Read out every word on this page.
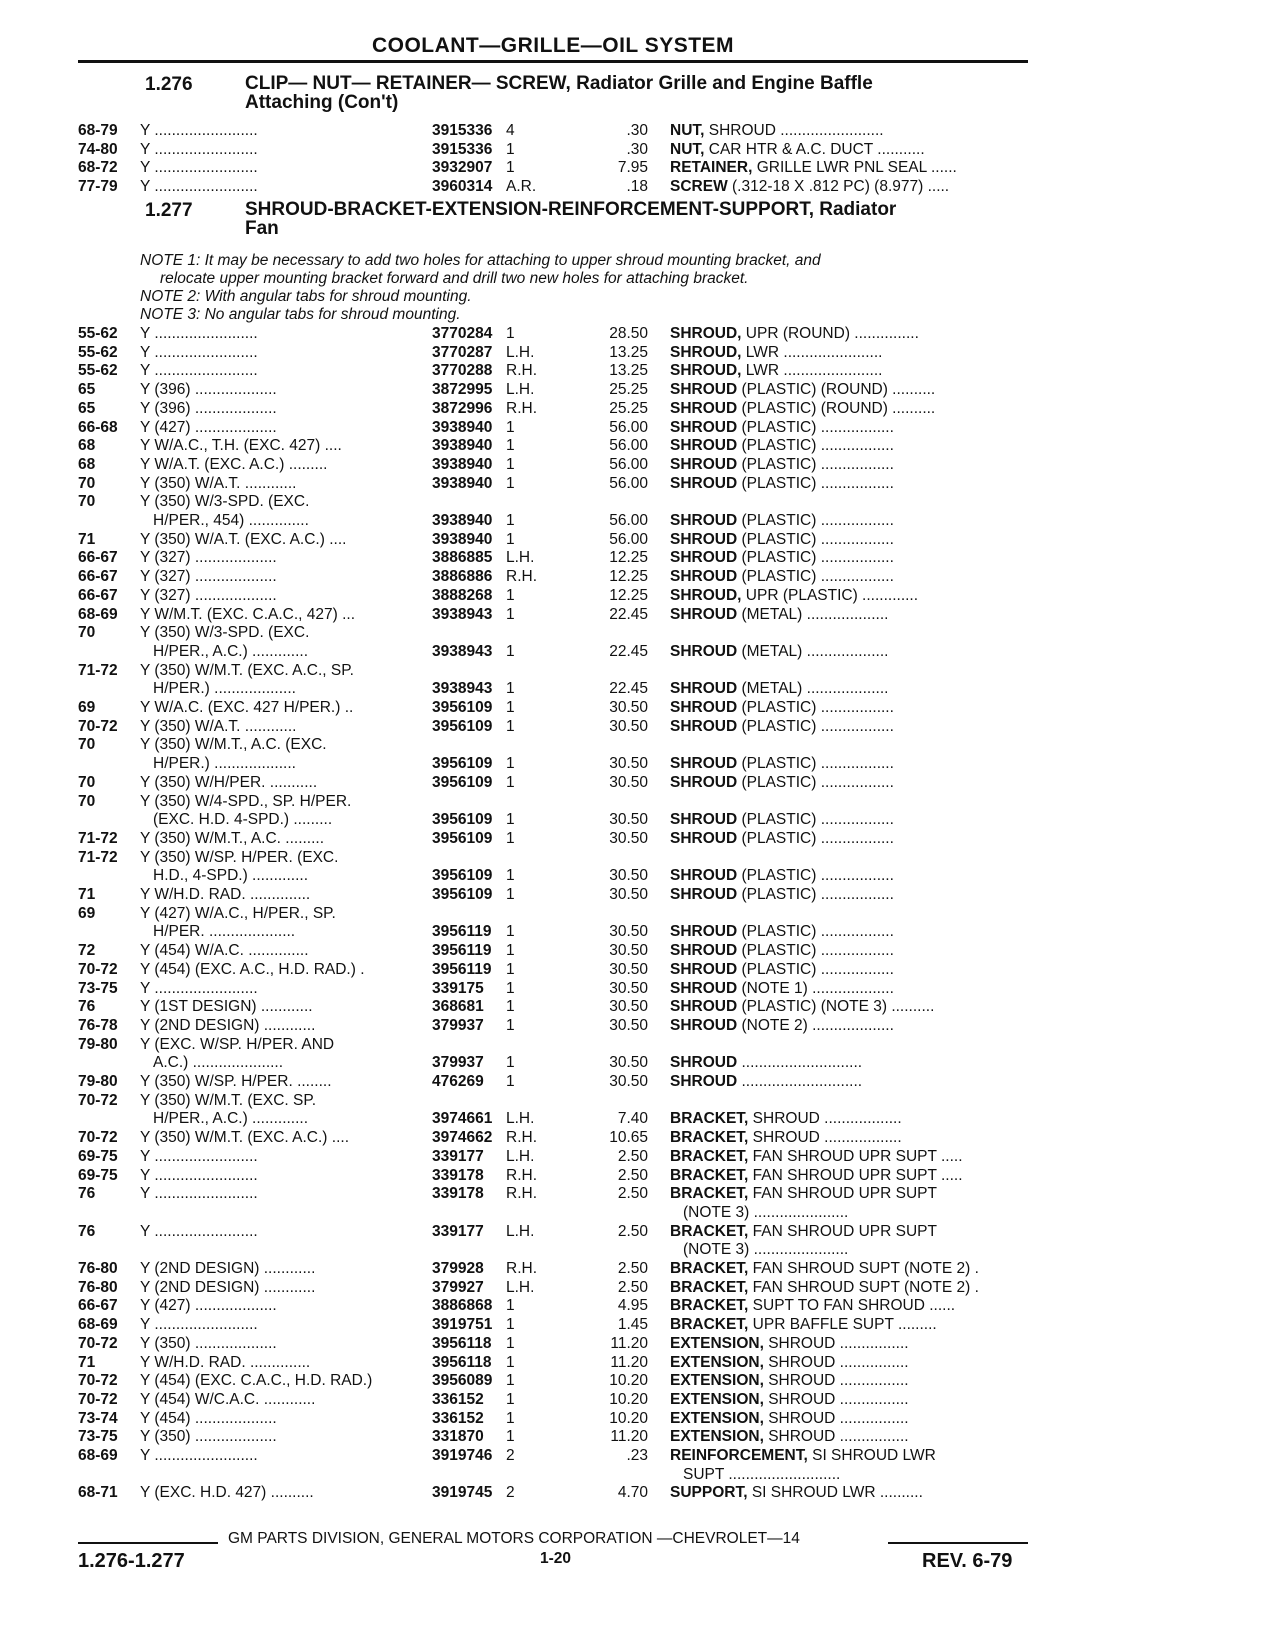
COOLANT—GRILLE—OIL SYSTEM
1.276	CLIP— NUT— RETAINER— SCREW, Radiator Grille and Engine Baffle
Attaching (Con't)
68-79 Y ........................	3915336 4	.30 NUT, SHROUD ........................
74-80 Y ........................	3915336 1	.30 NUT, CAR HTR & A.C. DUCT ...........
68-72 Y ........................	3932907 1	7.95 RETAINER, GRILLE LWR PNL SEAL ......
77-79 Y ........................	3960314 A.R.	.18 SCREW (.312-18 X .812 PC) (8.977) .....
1.277	SHROUD-BRACKET-EXTENSION-REINFORCEMENT-SUPPORT, Radiator
Fan
NOTE 1: It may be necessary to add two holes for attaching to upper shroud mounting bracket, and
relocate upper mounting bracket forward and drill two new holes for attaching bracket.
NOTE 2: With angular tabs for shroud mounting.
NOTE 3: No angular tabs for shroud mounting.
55-62 Y ........................	3770284 1	28.50 SHROUD, UPR (ROUND) ...............
55-62 Y ........................	3770287 L.H.	13.25 SHROUD, LWR .......................
55-62 Y ........................	3770288 R.H.	13.25 SHROUD, LWR .......................
65	Y (396) ...................	3872995 L.H.	25.25 SHROUD (PLASTIC) (ROUND) ..........
65	Y (396) ...................	3872996 R.H.	25.25 SHROUD (PLASTIC) (ROUND) ..........
66-68 Y (427) ...................	3938940 1	56.00 SHROUD (PLASTIC) .................
68	Y W/A.C., T.H. (EXC. 427) ....	3938940 1	56.00 SHROUD (PLASTIC) .................
68	Y W/A.T. (EXC. A.C.) .........	3938940 1	56.00 SHROUD (PLASTIC) .................
70	Y (350) W/A.T. ............	3938940 1	56.00 SHROUD (PLASTIC) .................
70	Y (350) W/3-SPD. (EXC.
H/PER., 454) ..............	3938940 1	56.00 SHROUD (PLASTIC) .................
71	Y (350) W/A.T. (EXC. A.C.) ....	3938940 1	56.00 SHROUD (PLASTIC) .................
66-67 Y (327) ...................	3886885 L.H.	12.25 SHROUD (PLASTIC) .................
66-67 Y (327) ...................	3886886 R.H.	12.25 SHROUD (PLASTIC) .................
66-67 Y (327) ...................	3888268 1	12.25 SHROUD, UPR (PLASTIC) .............
68-69 Y W/M.T. (EXC. C.A.C., 427) ...	3938943 1	22.45 SHROUD (METAL) ...................
70	Y (350) W/3-SPD. (EXC.
H/PER., A.C.) .............	3938943 1	22.45 SHROUD (METAL) ...................
71-72 Y (350) W/M.T. (EXC. A.C., SP.
H/PER.) ...................	3938943 1	22.45 SHROUD (METAL) ...................
69	Y W/A.C. (EXC. 427 H/PER.) ..	3956109 1	30.50 SHROUD (PLASTIC) .................
70-72 Y (350) W/A.T. ............	3956109 1	30.50 SHROUD (PLASTIC) .................
70	Y (350) W/M.T., A.C. (EXC.
H/PER.) ...................	3956109 1	30.50 SHROUD (PLASTIC) .................
70	Y (350) W/H/PER. ...........	3956109 1	30.50 SHROUD (PLASTIC) .................
70	Y (350) W/4-SPD., SP. H/PER.
(EXC. H.D. 4-SPD.) .........	3956109 1	30.50 SHROUD (PLASTIC) .................
71-72 Y (350) W/M.T., A.C. .........	3956109 1	30.50 SHROUD (PLASTIC) .................
71-72 Y (350) W/SP. H/PER. (EXC.
H.D., 4-SPD.) .............	3956109 1	30.50 SHROUD (PLASTIC) .................
71	Y W/H.D. RAD. ..............	3956109 1	30.50 SHROUD (PLASTIC) .................
69	Y (427) W/A.C., H/PER., SP.
H/PER. ....................	3956119 1	30.50 SHROUD (PLASTIC) .................
72	Y (454) W/A.C. ..............	3956119 1	30.50 SHROUD (PLASTIC) .................
70-72 Y (454) (EXC. A.C., H.D. RAD.) .	3956119 1	30.50 SHROUD (PLASTIC) .................
73-75 Y ........................	339175 1	30.50 SHROUD (NOTE 1) ...................
76	Y (1ST DESIGN) ............	368681 1	30.50 SHROUD (PLASTIC) (NOTE 3) ..........
76-78 Y (2ND DESIGN) ............	379937 1	30.50 SHROUD (NOTE 2) ...................
79-80 Y (EXC. W/SP. H/PER. AND
A.C.) .....................	379937 1	30.50 SHROUD ............................
79-80 Y (350) W/SP. H/PER. ........	476269 1	30.50 SHROUD ............................
70-72 Y (350) W/M.T. (EXC. SP.
H/PER., A.C.) .............	3974661 L.H.	7.40 BRACKET, SHROUD ..................
70-72 Y (350) W/M.T. (EXC. A.C.) ....	3974662 R.H.	10.65 BRACKET, SHROUD ..................
69-75 Y ........................	339177 L.H.	2.50 BRACKET, FAN SHROUD UPR SUPT .....
69-75 Y ........................	339178 R.H.	2.50 BRACKET, FAN SHROUD UPR SUPT .....
76	Y ........................	339178 R.H.	2.50 BRACKET, FAN SHROUD UPR SUPT
(NOTE 3) ......................
76	Y ........................	339177 L.H.	2.50 BRACKET, FAN SHROUD UPR SUPT
(NOTE 3) ......................
76-80 Y (2ND DESIGN) ............	379928 R.H.	2.50 BRACKET, FAN SHROUD SUPT (NOTE 2) .
76-80 Y (2ND DESIGN) ............	379927 L.H.	2.50 BRACKET, FAN SHROUD SUPT (NOTE 2) .
66-67 Y (427) ...................	3886868 1	4.95 BRACKET, SUPT TO FAN SHROUD ......
68-69 Y ........................	3919751 1	1.45 BRACKET, UPR BAFFLE SUPT .........
70-72 Y (350) ...................	3956118 1	11.20 EXTENSION, SHROUD ................
71	Y W/H.D. RAD. ..............	3956118 1	11.20 EXTENSION, SHROUD ................
70-72 Y (454) (EXC. C.A.C., H.D. RAD.)	3956089 1	10.20 EXTENSION, SHROUD ................
70-72 Y (454) W/C.A.C. ............	336152 1	10.20 EXTENSION, SHROUD ................
73-74 Y (454) ...................	336152 1	10.20 EXTENSION, SHROUD ................
73-75 Y (350) ...................	331870 1	11.20 EXTENSION, SHROUD ................
68-69 Y ........................	3919746 2	.23 REINFORCEMENT, SI SHROUD LWR
SUPT ..........................
68-71 Y (EXC. H.D. 427) ..........	3919745 2	4.70 SUPPORT, SI SHROUD LWR ..........
GM PARTS DIVISION, GENERAL MOTORS CORPORATION —CHEVROLET—14
1.276-1.277	1-20	REV. 6-79
